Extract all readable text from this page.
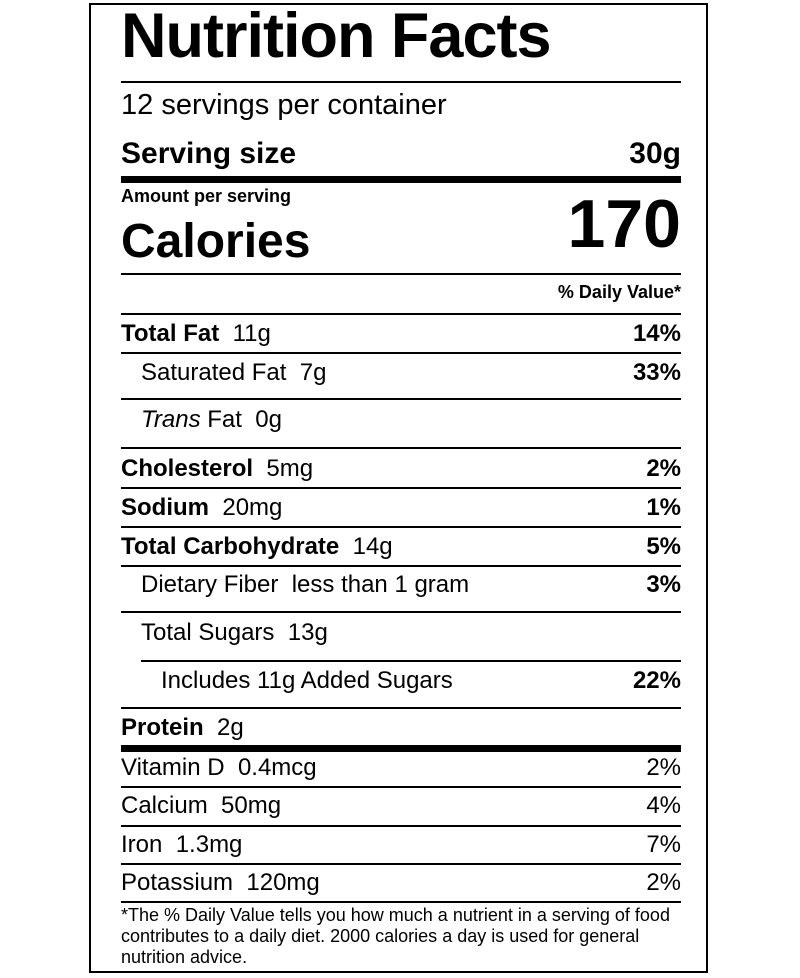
Nutrition Facts
12 servings per container
Serving size	30g
Amount per serving
Calories	170
% Daily Value*
Total Fat 11g	14%
Saturated Fat 7g	33%
Trans Fat 0g
Cholesterol 5mg	2%
Sodium 20mg	1%
Total Carbohydrate 14g	5%
Dietary Fiber less than 1 gram	3%
Total Sugars 13g
Includes 11g Added Sugars	22%
Protein 2g
Vitamin D 0.4mcg	2%
Calcium 50mg	4%
Iron 1.3mg	7%
Potassium 120mg	2%
*The % Daily Value tells you how much a nutrient in a serving of food contributes to a daily diet. 2000 calories a day is used for general nutrition advice.
